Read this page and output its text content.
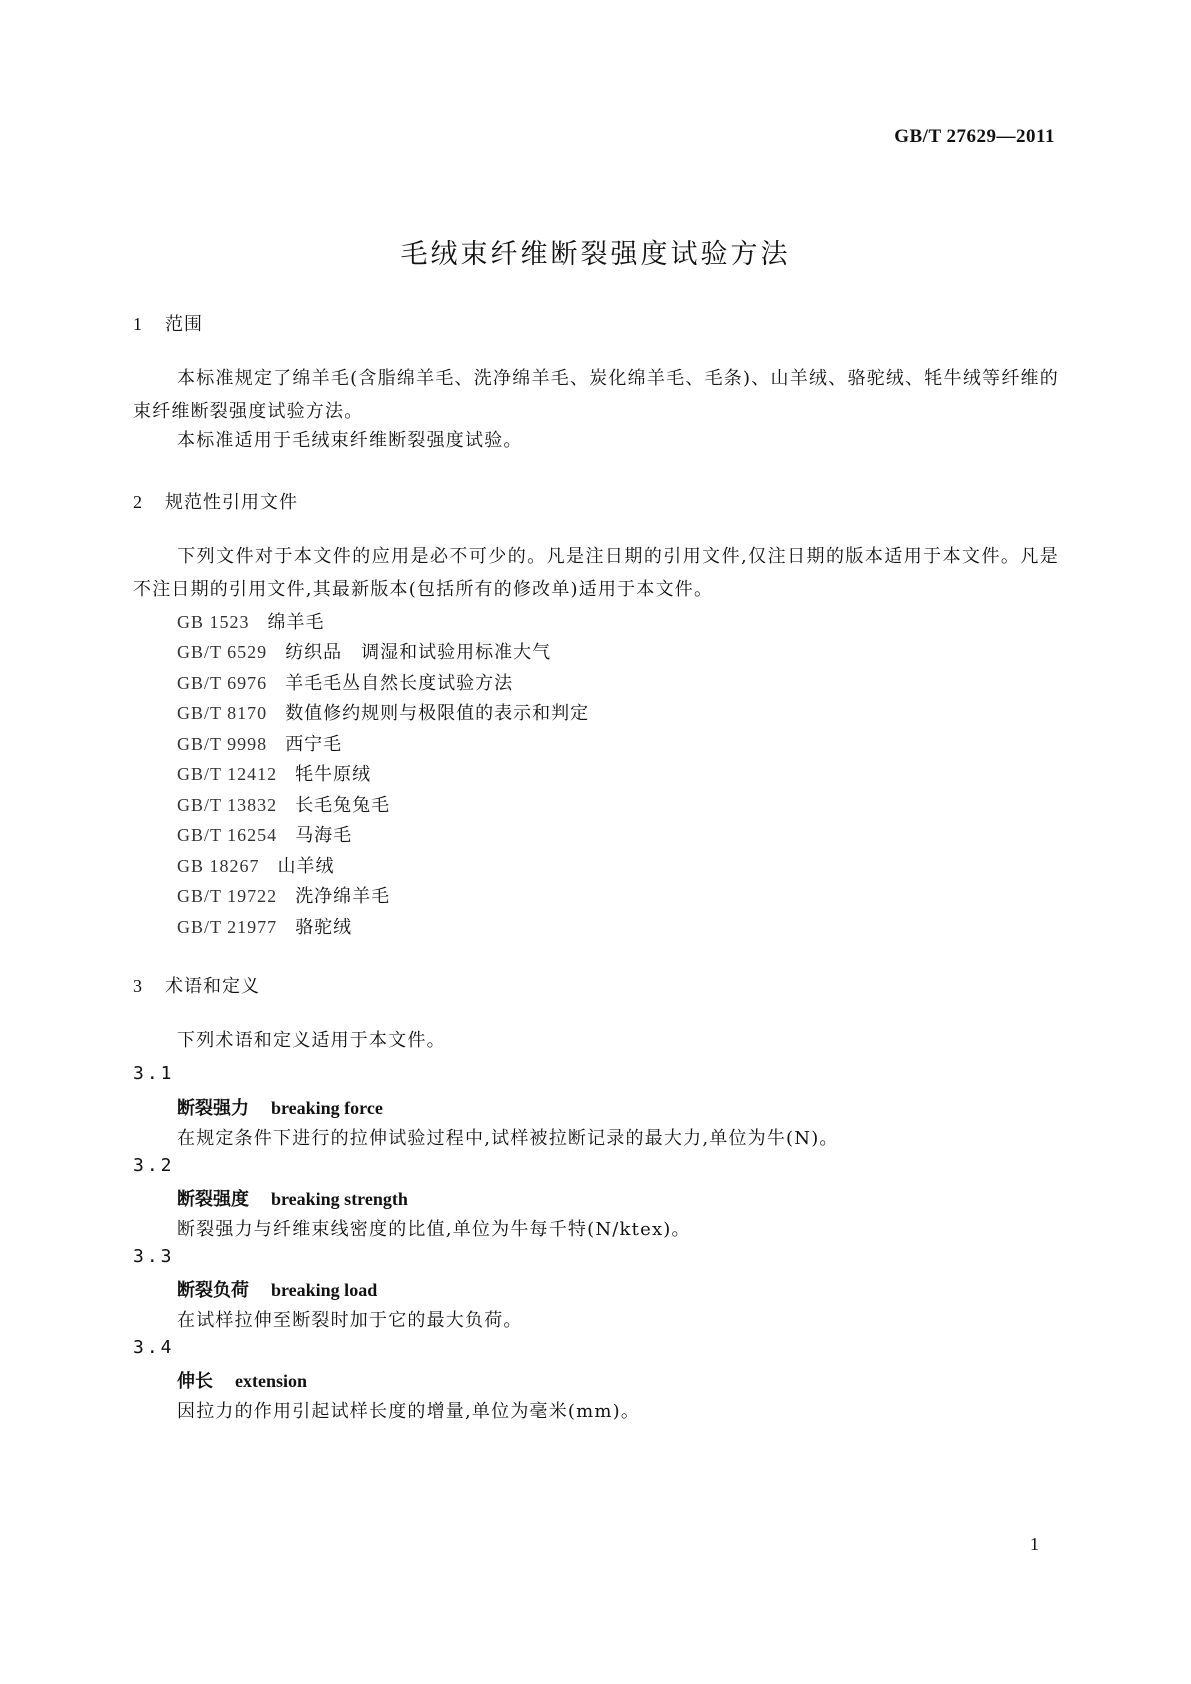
GB/T 27629—2011
毛绒束纤维断裂强度试验方法
1 范围
本标准规定了绵羊毛(含脂绵羊毛、洗净绵羊毛、炭化绵羊毛、毛条)、山羊绒、骆驼绒、牦牛绒等纤维的束纤维断裂强度试验方法。
本标准适用于毛绒束纤维断裂强度试验。
2 规范性引用文件
下列文件对于本文件的应用是必不可少的。凡是注日期的引用文件,仅注日期的版本适用于本文件。凡是不注日期的引用文件,其最新版本(包括所有的修改单)适用于本文件。
GB 1523 绵羊毛
GB/T 6529 纺织品　调湿和试验用标准大气
GB/T 6976 羊毛毛丛自然长度试验方法
GB/T 8170 数值修约规则与极限值的表示和判定
GB/T 9998 西宁毛
GB/T 12412 牦牛原绒
GB/T 13832 长毛兔兔毛
GB/T 16254 马海毛
GB 18267 山羊绒
GB/T 19722 洗净绵羊毛
GB/T 21977 骆驼绒
3 术语和定义
下列术语和定义适用于本文件。
3.1
断裂强力 breaking force
在规定条件下进行的拉伸试验过程中,试样被拉断记录的最大力,单位为牛(N)。
3.2
断裂强度 breaking strength
断裂强力与纤维束线密度的比值,单位为牛每千特(N/ktex)。
3.3
断裂负荷 breaking load
在试样拉伸至断裂时加于它的最大负荷。
3.4
伸长 extension
因拉力的作用引起试样长度的增量,单位为毫米(mm)。
1
